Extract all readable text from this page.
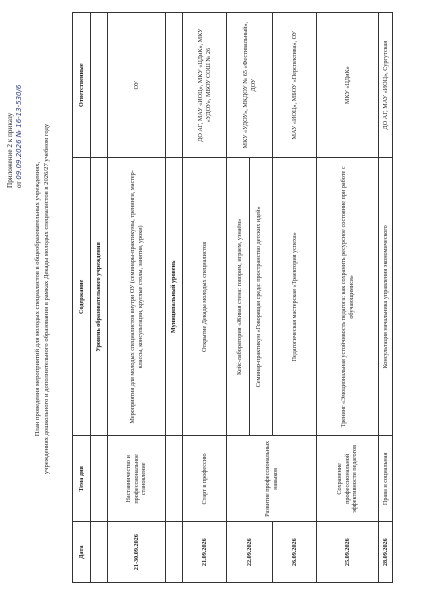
Приложение 2 к приказу от 09.09.2026 № 16-13-530/6
План проведения мероприятий для молодых специалистов в общеобразовательных учреждениях, учреждениях дошкольного и дополнительного образования в рамках Декады молодых специалистов в 2026/27 учебном году
Дата	Тема дня	Содержание	Ответственные
		Уровень образовательного учреждения	
21-30.09.2026	Наставничество и профессиональное становление	Мероприятия для молодых специалистов внутри ОУ (семинары-практикумы, тренинги, мастер-классы, консультации, круглые столы, занятия, уроки)	ОУ
		Муниципальный уровень	
21.09.2026	Старт в профессию	Открытие Декады молодых специалистов	ДО АГ, МАУ «ИОЦ», МКУ «ЦДиК», МКУ «УДОУ», МБОУ СОШ № 26
22.09.2026	Развитие профессиональных навыков	Кейс-лаборатория «Живая стена: говорим, играем, узнаём» Семинар-практикум «Говорящая среда: пространство детских идей»	МКУ «УДОУ», МКДОУ № 65 «Фестивальный», ДОУ
26.09.2026		Педагогическая мастерская «Траектория успеха»	МАУ «ИОЦ», МБОУ «Перспектива», ОУ
25.09.2026	Сохранение профессиональной эффективности педагогов	Тренинг «Эмоциональная устойчивость педагога: как сохранить ресурсное состояние при работе с обучающимися»	МКУ «ЦДиК»
28.09.2026	Права и социальная	Консультация начальника управления экономического	ДО АГ, МАУ «ИОЦ», Сургутская
